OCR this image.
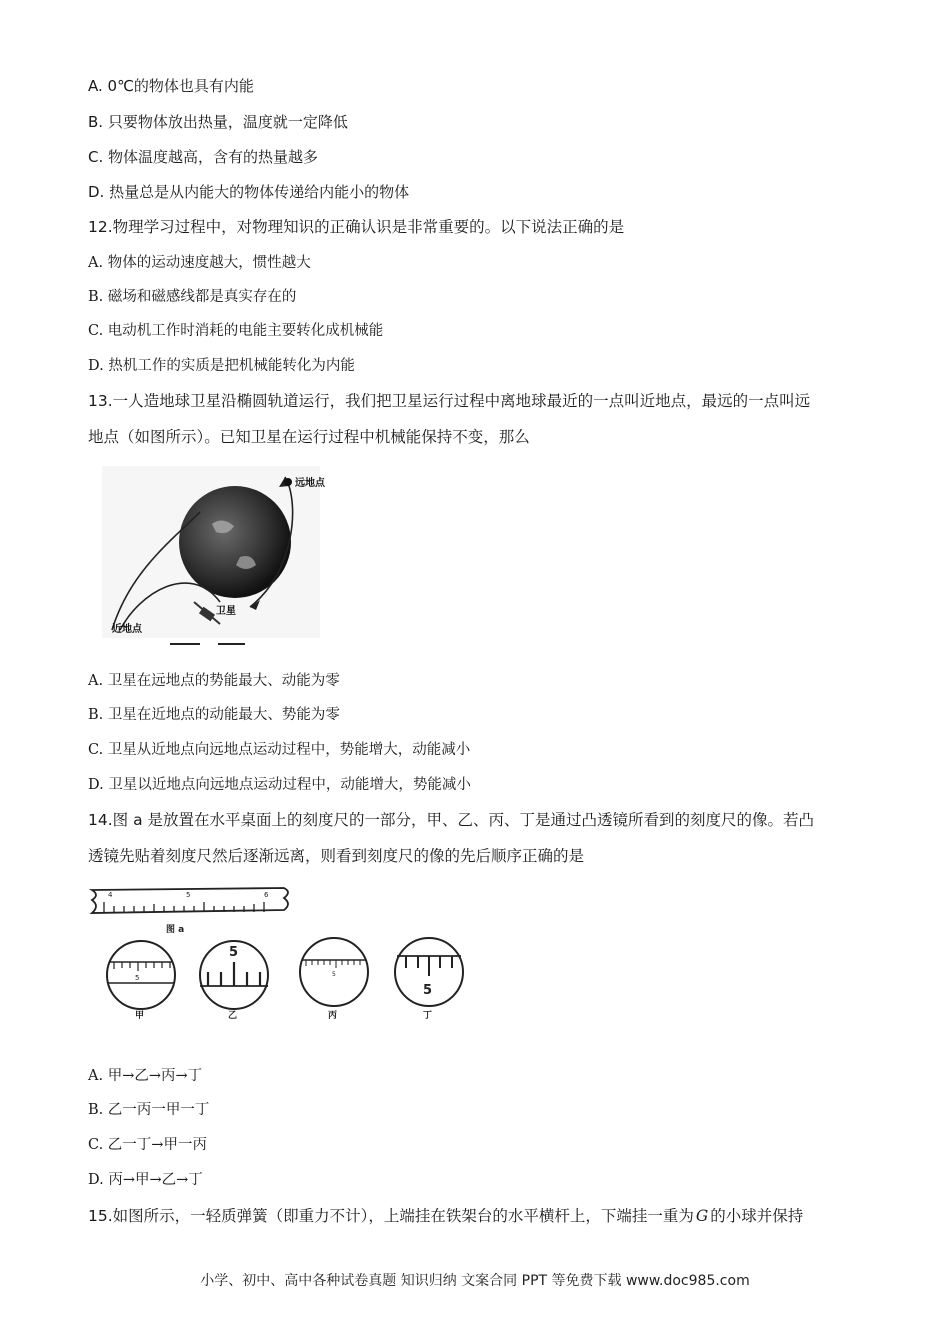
A. 0℃的物体也具有内能
B. 只要物体放出热量，温度就一定降低
C. 物体温度越高，含有的热量越多
D. 热量总是从内能大的物体传递给内能小的物体
12.物理学习过程中，对物理知识的正确认识是非常重要的。以下说法正确的是
A. 物体的运动速度越大，惯性越大
B. 磁场和磁感线都是真实存在的
C. 电动机工作时消耗的电能主要转化成机械能
D. 热机工作的实质是把机械能转化为内能
13.一人造地球卫星沿椭圆轨道运行，我们把卫星运行过程中离地球最近的一点叫近地点，最远的一点叫远
地点（如图所示）。已知卫星在运行过程中机械能保持不变，那么
远地点
卫星
近地点
A. 卫星在远地点的势能最大、动能为零
B. 卫星在近地点的动能最大、势能为零
C. 卫星从近地点向远地点运动过程中，势能增大，动能减小
D. 卫星以近地点向远地点运动过程中，动能增大，势能减小
14.图 a 是放置在水平桌面上的刻度尺的一部分，甲、乙、丙、丁是通过凸透镜所看到的刻度尺的像。若凸
透镜先贴着刻度尺然后逐渐远离，则看到刻度尺的像的先后顺序正确的是
4	5	6
图 a
5
甲
5
乙
5
丙
5
丁
A. 甲→乙→丙→丁
B. 乙一丙一甲一丁
C. 乙一丁→甲一丙
D. 丙→甲→乙→丁
15.如图所示，一轻质弹簧（即重力不计），上端挂在铁架台的水平横杆上，下端挂一重为 G 的小球并保持
小学、初中、高中各种试卷真题 知识归纳 文案合同 PPT 等免费下载 www.doc985.com
